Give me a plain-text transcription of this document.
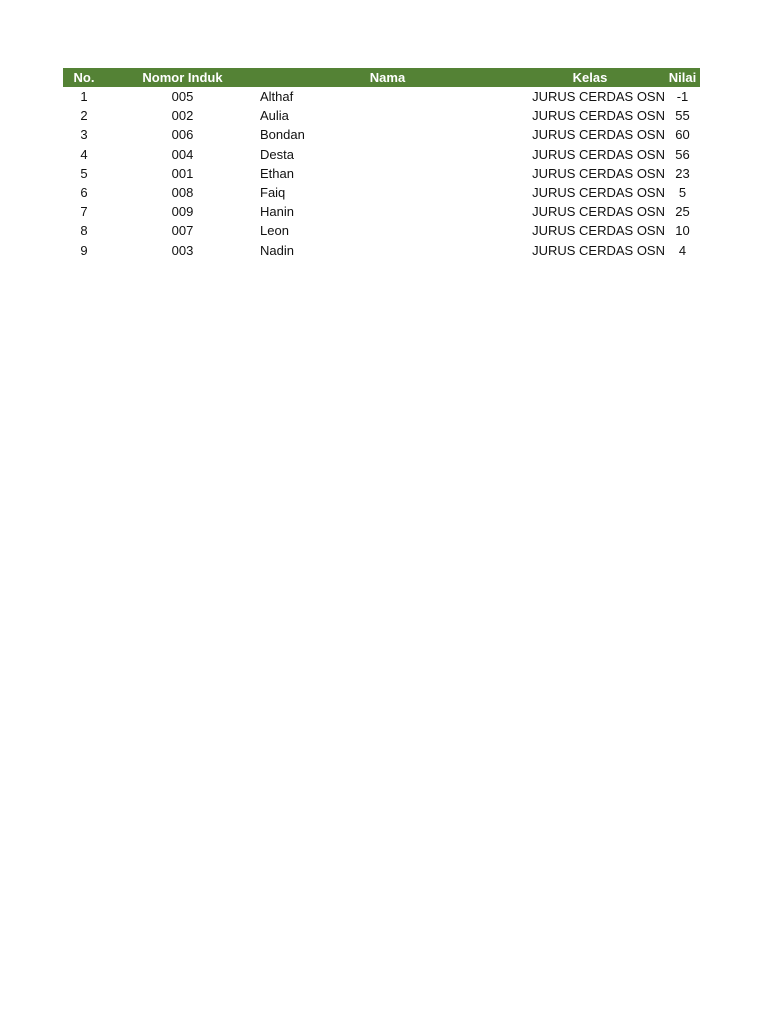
No.	Nomor Induk	Nama	Kelas	Nilai
1	005	Althaf	JURUS CERDAS OSN	-1
2	002	Aulia	JURUS CERDAS OSN	55
3	006	Bondan	JURUS CERDAS OSN	60
4	004	Desta	JURUS CERDAS OSN	56
5	001	Ethan	JURUS CERDAS OSN	23
6	008	Faiq	JURUS CERDAS OSN	5
7	009	Hanin	JURUS CERDAS OSN	25
8	007	Leon	JURUS CERDAS OSN	10
9	003	Nadin	JURUS CERDAS OSN	4
